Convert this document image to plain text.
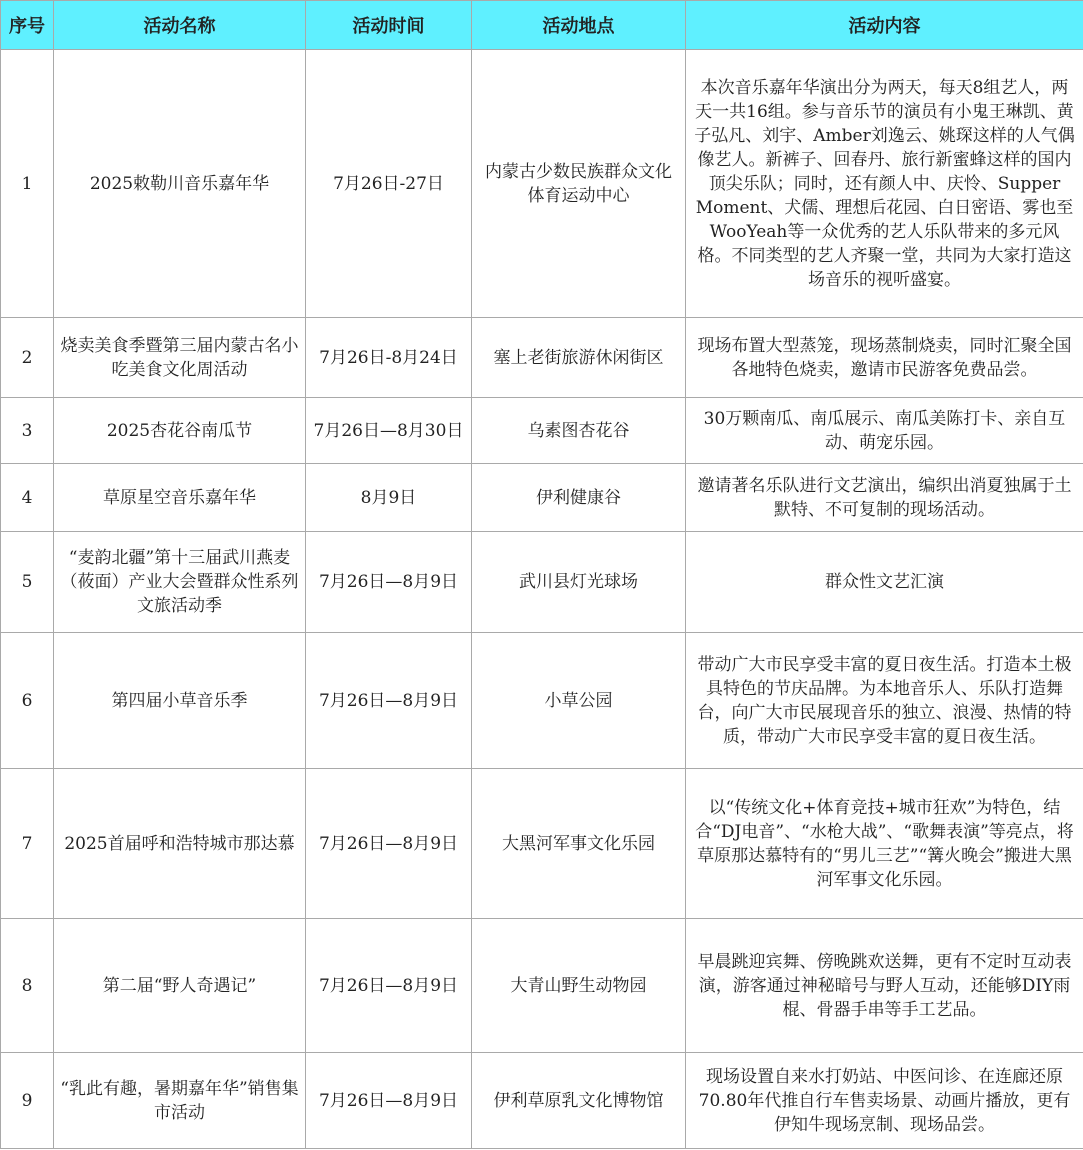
序号	活动名称	活动时间	活动地点	活动内容
1	2025敕勒川音乐嘉年华	7月26日-27日	内蒙古少数民族群众文化体育运动中心	本次音乐嘉年华演出分为两天，每天8组艺人，两天一共16组。参与音乐节的演员有小鬼王琳凯、黄子弘凡、刘宇、Amber刘逸云、姚琛这样的人气偶像艺人。新裤子、回春丹、旅行新蜜蜂这样的国内顶尖乐队；同时，还有颜人中、庆怜、Supper Moment、犬儒、理想后花园、白日密语、雾也至WooYeah等一众优秀的艺人乐队带来的多元风格。不同类型的艺人齐聚一堂，共同为大家打造这场音乐的视听盛宴。
2	烧卖美食季暨第三届内蒙古名小吃美食文化周活动	7月26日-8月24日	塞上老街旅游休闲街区	现场布置大型蒸笼，现场蒸制烧卖，同时汇聚全国各地特色烧卖，邀请市民游客免费品尝。
3	2025杏花谷南瓜节	7月26日—8月30日	乌素图杏花谷	30万颗南瓜、南瓜展示、南瓜美陈打卡、亲自互动、萌宠乐园。
4	草原星空音乐嘉年华	8月9日	伊利健康谷	邀请著名乐队进行文艺演出，编织出消夏独属于土默特、不可复制的现场活动。
5	“麦韵北疆”第十三届武川燕麦（莜面）产业大会暨群众性系列文旅活动季	7月26日—8月9日	武川县灯光球场	群众性文艺汇演
6	第四届小草音乐季	7月26日—8月9日	小草公园	带动广大市民享受丰富的夏日夜生活。打造本土极具特色的节庆品牌。为本地音乐人、乐队打造舞台，向广大市民展现音乐的独立、浪漫、热情的特质，带动广大市民享受丰富的夏日夜生活。
7	2025首届呼和浩特城市那达慕	7月26日—8月9日	大黑河军事文化乐园	以“传统文化+体育竞技+城市狂欢”为特色，结合“DJ电音”、“水枪大战”、“歌舞表演”等亮点，将草原那达慕特有的“男儿三艺”“篝火晚会”搬进大黑河军事文化乐园。
8	第二届“野人奇遇记”	7月26日—8月9日	大青山野生动物园	早晨跳迎宾舞、傍晚跳欢送舞，更有不定时互动表演，游客通过神秘暗号与野人互动，还能够DIY雨棍、骨器手串等手工艺品。
9	“乳此有趣，暑期嘉年华”销售集市活动	7月26日—8月9日	伊利草原乳文化博物馆	现场设置自来水打奶站、中医问诊、在连廊还原70.80年代推自行车售卖场景、动画片播放，更有伊知牛现场烹制、现场品尝。
